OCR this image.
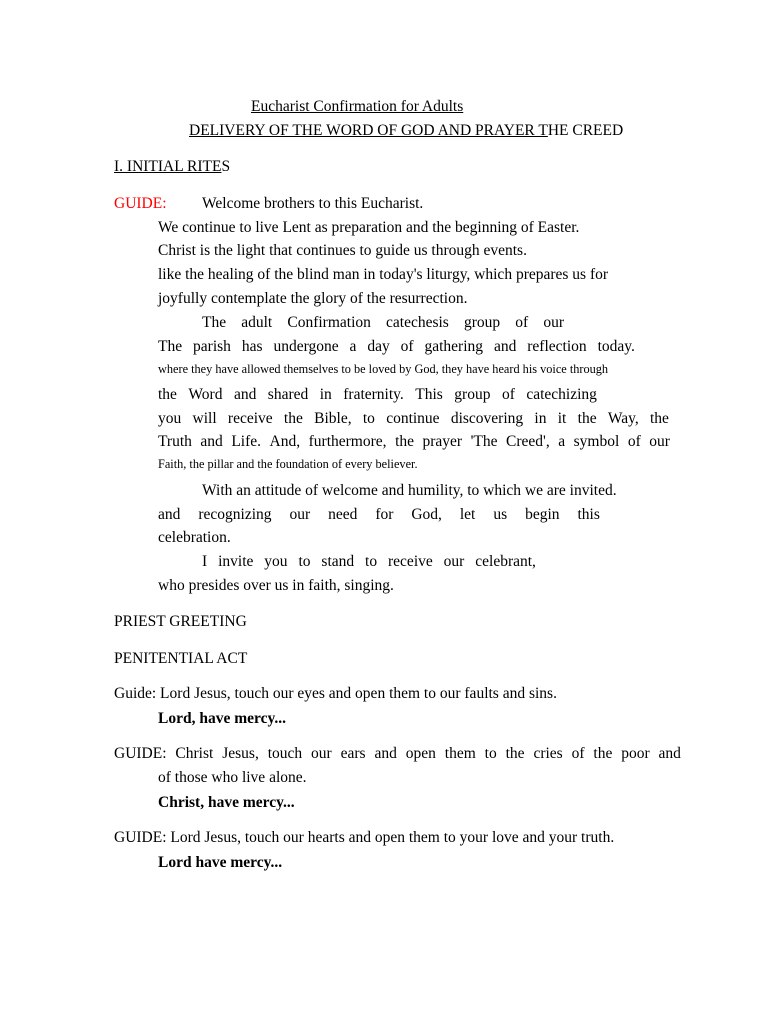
Eucharist Confirmation for Adults
DELIVERY OF THE WORD OF GOD AND PRAYER THE CREED
I. INITIAL RITES
GUIDE: Welcome brothers to this Eucharist.
We continue to live Lent as preparation and the beginning of Easter.
Christ is the light that continues to guide us through events.
like the healing of the blind man in today's liturgy, which prepares us for
joyfully contemplate the glory of the resurrection.
The adult Confirmation catechesis group of our
The parish has undergone a day of gathering and reflection today.
where they have allowed themselves to be loved by God, they have heard his voice through
the Word and shared in fraternity. This group of catechizing
you will receive the Bible, to continue discovering in it the Way, the
Truth and Life. And, furthermore, the prayer 'The Creed', a symbol of our
Faith, the pillar and the foundation of every believer.
With an attitude of welcome and humility, to which we are invited.
and recognizing our need for God, let us begin this
celebration.
I invite you to stand to receive our celebrant,
who presides over us in faith, singing.
PRIEST GREETING
PENITENTIAL ACT
Guide: Lord Jesus, touch our eyes and open them to our faults and sins.
Lord, have mercy...
GUIDE: Christ Jesus, touch our ears and open them to the cries of the poor and
of those who live alone.
Christ, have mercy...
GUIDE: Lord Jesus, touch our hearts and open them to your love and your truth.
Lord have mercy...
